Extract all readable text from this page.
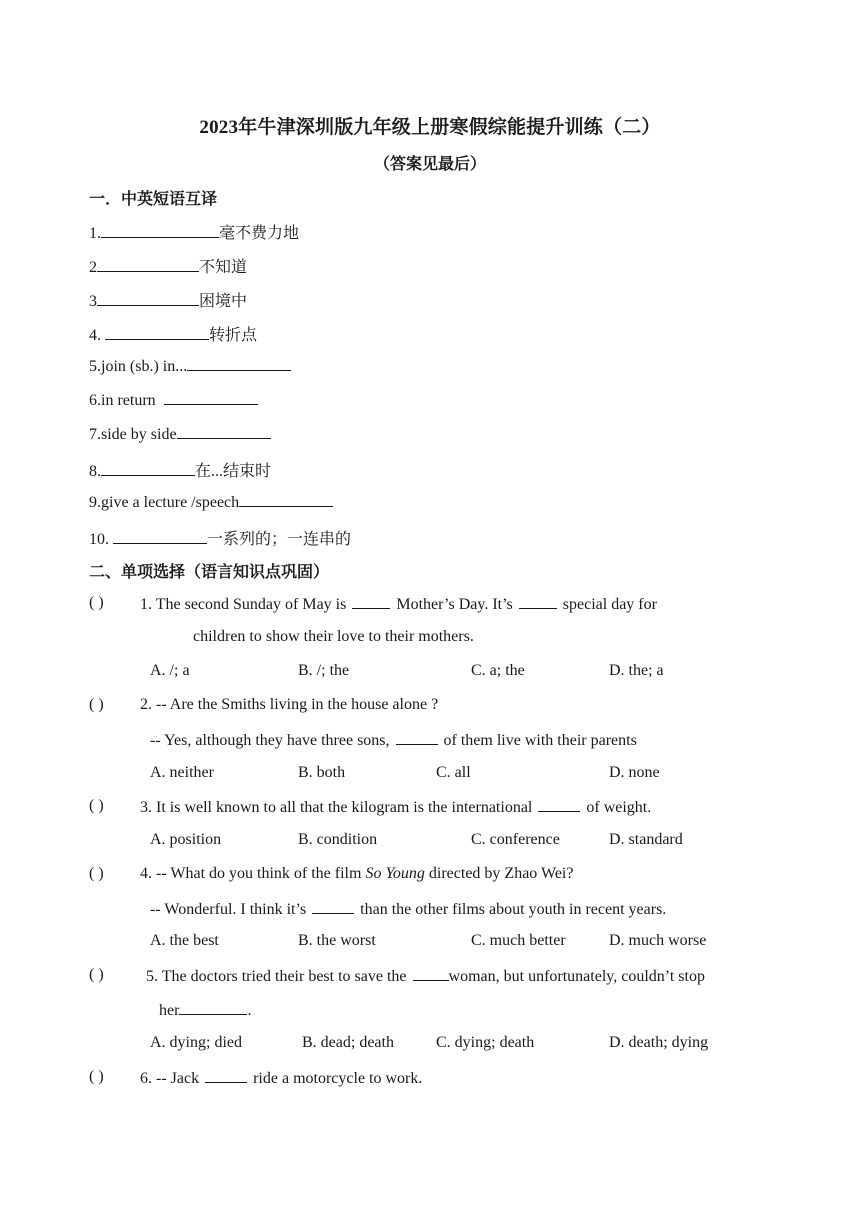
2023年牛津深圳版九年级上册寒假综能提升训练（二）
（答案见最后）
一．中英短语互译
1.	毫不费力地
2	不知道
3	困境中
4.	转折点
5.join (sb.) in...
6.in return
7.side by side
8.	在...结束时
9.give a lecture /speech
10.	一系列的；一连串的
二、单项选择（语言知识点巩固）
( ) 1. The second Sunday of May is	Mother’s Day. It’s	special day for
children to show their love to their mothers.
A. /; a	B. /; the	C. a; the	D. the; a
( ) 2. -- Are the Smiths living in the house alone ?
-- Yes, although they have three sons,	of them live with their parents
A. neither	B. both	C. all	D. none
( ) 3. It is well known to all that the kilogram is the international	of weight.
A. position	B. condition	C. conference	D. standard
( ) 4. -- What do you think of the film So Young directed by Zhao Wei?
-- Wonderful. I think it’s	than the other films about youth in recent years.
A. the best	B. the worst	C. much better	D. much worse
( )	5. The doctors tried their best to save the	woman, but unfortunately, couldn’t stop
her	.
A. dying; died	B. dead; death	C. dying; death	D. death; dying
( ) 6. -- Jack	ride a motorcycle to work.
